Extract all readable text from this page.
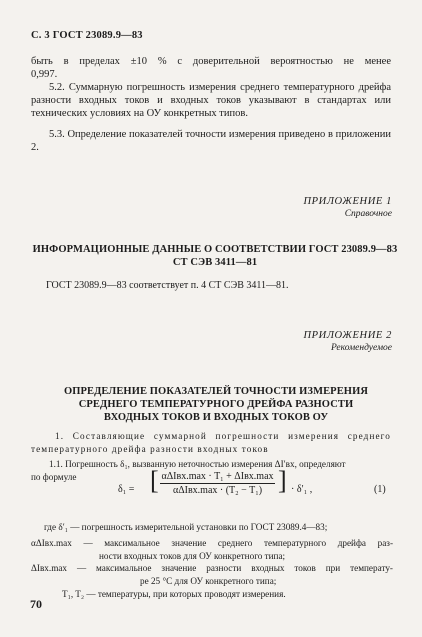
С. 3 ГОСТ 23089.9—83
быть в пределах ±10 % с доверительной вероятностью не менее
0,997.
5.2. Суммарную погрешность измерения среднего температурного дрейфа разности входных токов и входных токов указывают в стандартах или технических условиях на ОУ конкретных типов.
5.3. Определение показателей точности измерения приведено в приложении 2.
ПРИЛОЖЕНИЕ 1
Справочное
ИНФОРМАЦИОННЫЕ ДАННЫЕ О СООТВЕТСТВИИ ГОСТ 23089.9—83
СТ СЭВ 3411—81
ГОСТ 23089.9—83 соответствует п. 4 СТ СЭВ 3411—81.
ПРИЛОЖЕНИЕ 2
Рекомендуемое
ОПРЕДЕЛЕНИЕ ПОКАЗАТЕЛЕЙ ТОЧНОСТИ ИЗМЕРЕНИЯ
СРЕДНЕГО ТЕМПЕРАТУРНОГО ДРЕЙФА РАЗНОСТИ
ВХОДНЫХ ТОКОВ И ВХОДНЫХ ТОКОВ ОУ
1. Составляющие суммарной погрешности измерения среднего температурного дрейфа разности входных токов
1.1. Погрешность δ₁, вызванную неточностью измерения ΔI′вх, определяют
по формуле
δ₁ = [ αΔIвх.max · T₁ + ΔIвх.max
αΔIвх.max · (T₂ − T₁) ] · δ′₁ ,	(1)
где δ′₁ — погрешность измерительной установки по ГОСТ 23089.4—83;
αΔIвх.max — максимальное значение среднего температурного дрейфа раз-
ности входных токов для ОУ конкретного типа;
ΔIвх.max — максимальное значение разности входных токов при температу-
ре 25 °С для ОУ конкретного типа;
T₁, T₂ — температуры, при которых проводят измерения.
70
